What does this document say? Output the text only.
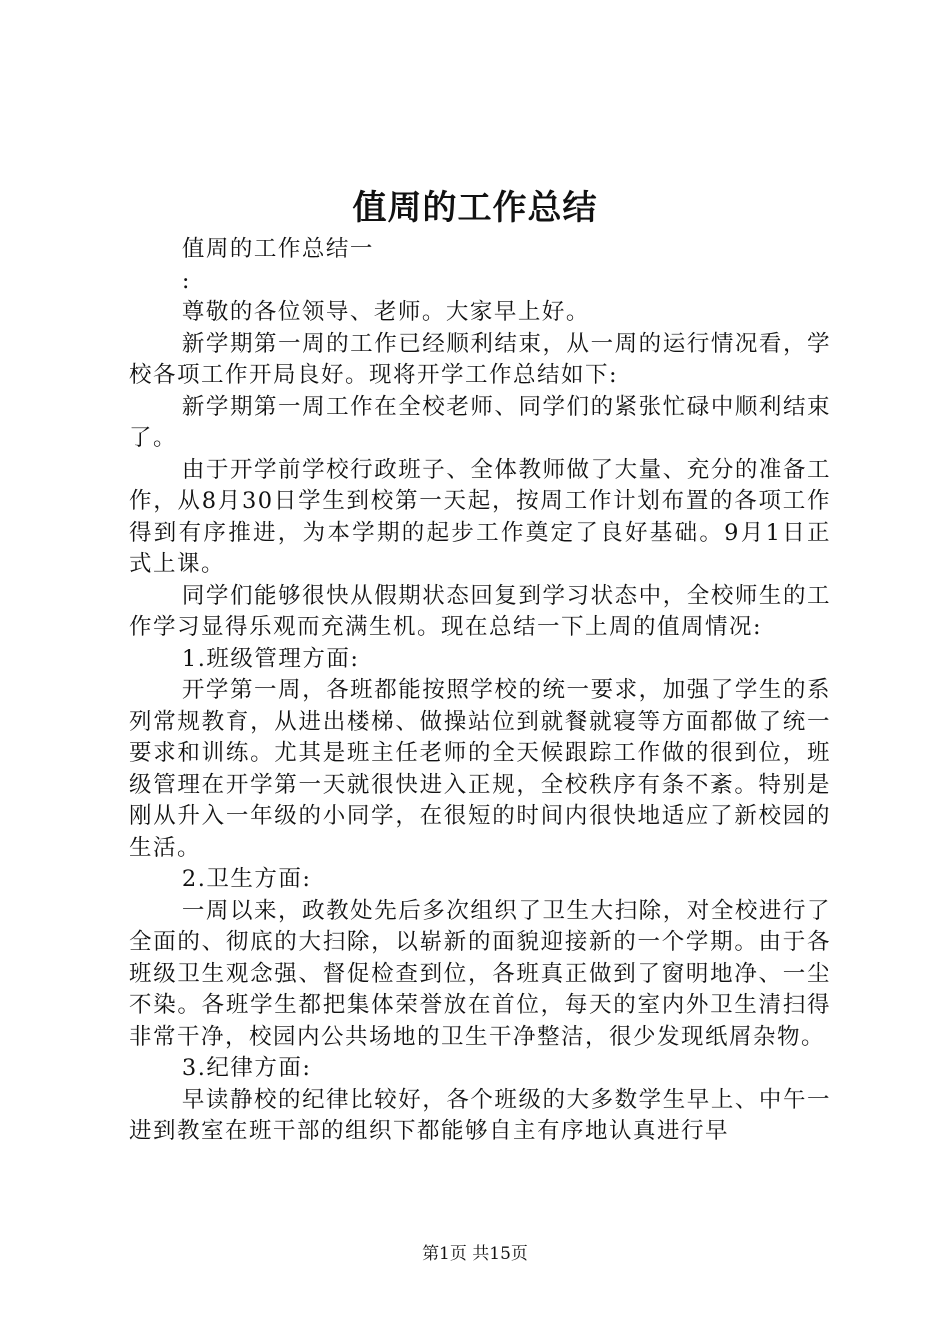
值周的工作总结

值周的工作总结一

:

尊敬的各位领导、老师。大家早上好。

新学期第一周的工作已经顺利结束，从一周的运行情况看，学校各项工作开局良好。现将开学工作总结如下:

新学期第一周工作在全校老师、同学们的紧张忙碌中顺利结束了。

由于开学前学校行政班子、全体教师做了大量、充分的准备工作，从8月30日学生到校第一天起，按周工作计划布置的各项工作得到有序推进，为本学期的起步工作奠定了良好基础。9月1日正式上课。

同学们能够很快从假期状态回复到学习状态中，全校师生的工作学习显得乐观而充满生机。现在总结一下上周的值周情况:

1.班级管理方面:

开学第一周，各班都能按照学校的统一要求，加强了学生的系列常规教育，从进出楼梯、做操站位到就餐就寝等方面都做了统一要求和训练。尤其是班主任老师的全天候跟踪工作做的很到位，班级管理在开学第一天就很快进入正规，全校秩序有条不紊。特别是刚从升入一年级的小同学，在很短的时间内很快地适应了新校园的生活。

2.卫生方面:

一周以来，政教处先后多次组织了卫生大扫除，对全校进行了全面的、彻底的大扫除，以崭新的面貌迎接新的一个学期。由于各班级卫生观念强、督促检查到位，各班真正做到了窗明地净、一尘不染。各班学生都把集体荣誉放在首位，每天的室内外卫生清扫得非常干净，校园内公共场地的卫生干净整洁，很少发现纸屑杂物。

3.纪律方面:

早读静校的纪律比较好，各个班级的大多数学生早上、中午一进到教室在班干部的组织下都能够自主有序地认真进行早

第1页 共15页
